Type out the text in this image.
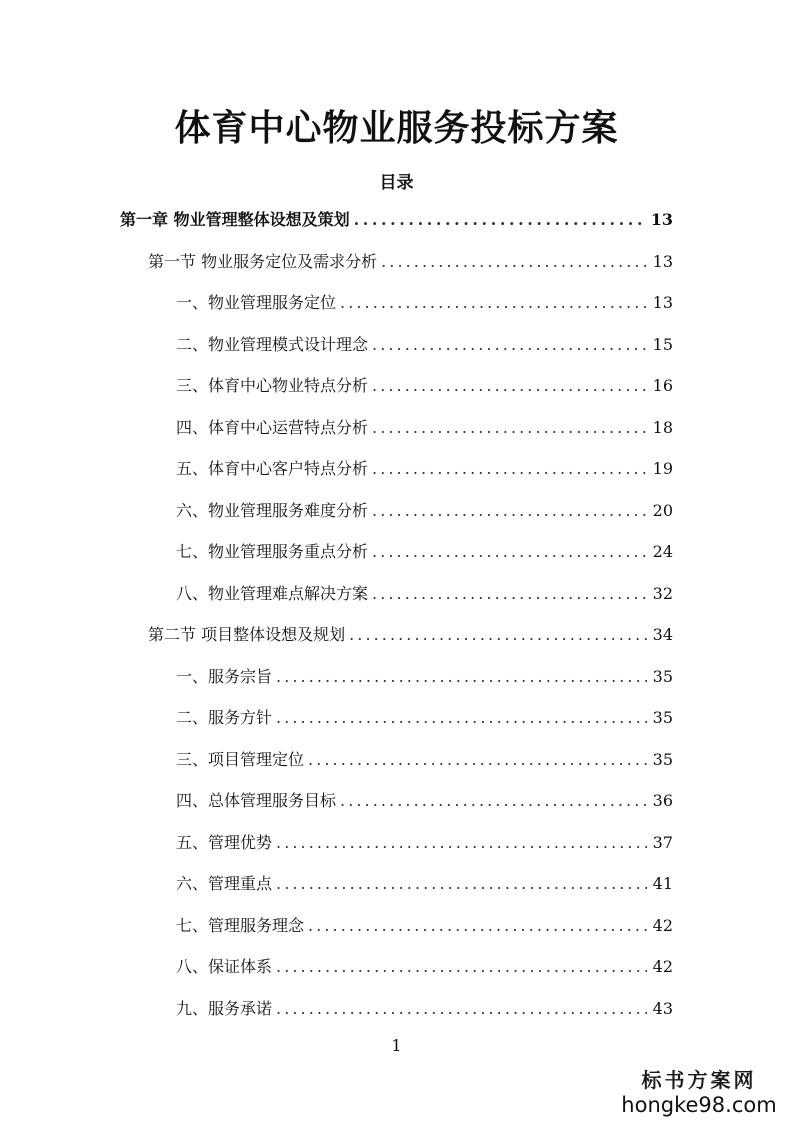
体育中心物业服务投标方案
目录
第一章 物业管理整体设想及策划 . . .	13
第一节 物业服务定位及需求分析 . . .	13
一、物业管理服务定位 . . .	13
二、物业管理模式设计理念 . . .	15
三、体育中心物业特点分析 . . .	16
四、体育中心运营特点分析 . . .	18
五、体育中心客户特点分析 . . .	19
六、物业管理服务难度分析 . . .	20
七、物业管理服务重点分析 . . .	24
八、物业管理难点解决方案 . . .	32
第二节 项目整体设想及规划 . . .	34
一、服务宗旨 . . .	35
二、服务方针 . . .	35
三、项目管理定位 . . .	35
四、总体管理服务目标 . . .	36
五、管理优势 . . .	37
六、管理重点 . . .	41
七、管理服务理念 . . .	42
八、保证体系 . . .	42
九、服务承诺 . . .	43
1
标书方案网
hongke98.com
